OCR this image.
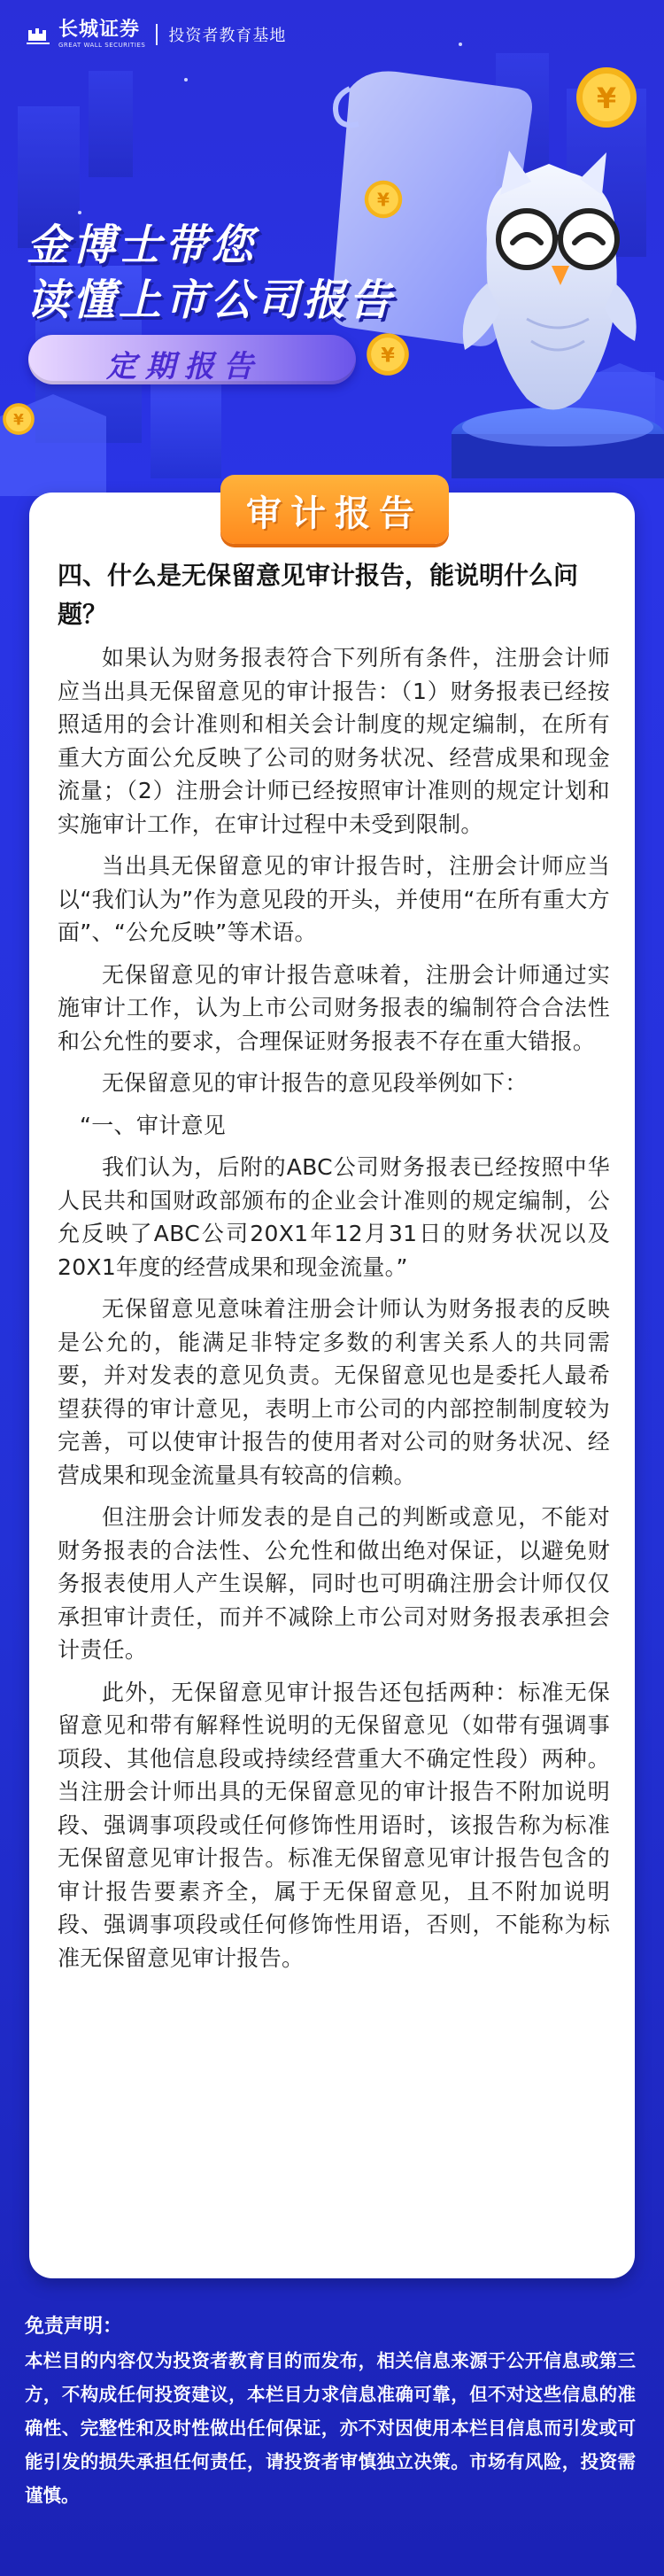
长城证券
GREAT WALL SECURITIES 投资者教育基地
¥
¥
¥
¥
金博士带您
读懂上市公司报告
定期报告
审计报告
四、什么是无保留意见审计报告，能说明什么问题？

如果认为财务报表符合下列所有条件，注册会计师应当出具无保留意见的审计报告：（1）财务报表已经按照适用的会计准则和相关会计制度的规定编制，在所有重大方面公允反映了公司的财务状况、经营成果和现金流量；（2）注册会计师已经按照审计准则的规定计划和实施审计工作，在审计过程中未受到限制。

当出具无保留意见的审计报告时，注册会计师应当以“我们认为”作为意见段的开头，并使用“在所有重大方面”、“公允反映”等术语。

无保留意见的审计报告意味着，注册会计师通过实施审计工作，认为上市公司财务报表的编制符合合法性和公允性的要求，合理保证财务报表不存在重大错报。

无保留意见的审计报告的意见段举例如下：

“一、审计意见

我们认为，后附的ABC公司财务报表已经按照中华人民共和国财政部颁布的企业会计准则的规定编制，公允反映了ABC公司20X1年12月31日的财务状况以及20X1年度的经营成果和现金流量。”

无保留意见意味着注册会计师认为财务报表的反映是公允的，能满足非特定多数的利害关系人的共同需要，并对发表的意见负责。无保留意见也是委托人最希望获得的审计意见，表明上市公司的内部控制制度较为完善，可以使审计报告的使用者对公司的财务状况、经营成果和现金流量具有较高的信赖。

但注册会计师发表的是自己的判断或意见，不能对财务报表的合法性、公允性和做出绝对保证，以避免财务报表使用人产生误解，同时也可明确注册会计师仅仅承担审计责任，而并不减除上市公司对财务报表承担会计责任。

此外，无保留意见审计报告还包括两种：标准无保留意见和带有解释性说明的无保留意见（如带有强调事项段、其他信息段或持续经营重大不确定性段）两种。当注册会计师出具的无保留意见的审计报告不附加说明段、强调事项段或任何修饰性用语时，该报告称为标准无保留意见审计报告。标准无保留意见审计报告包含的审计报告要素齐全，属于无保留意见，且不附加说明段、强调事项段或任何修饰性用语，否则，不能称为标准无保留意见审计报告。

免责声明：

本栏目的内容仅为投资者教育目的而发布，相关信息来源于公开信息或第三方，不构成任何投资建议，本栏目力求信息准确可靠，但不对这些信息的准确性、完整性和及时性做出任何保证，亦不对因使用本栏目信息而引发或可能引发的损失承担任何责任，请投资者审慎独立决策。市场有风险，投资需谨慎。
